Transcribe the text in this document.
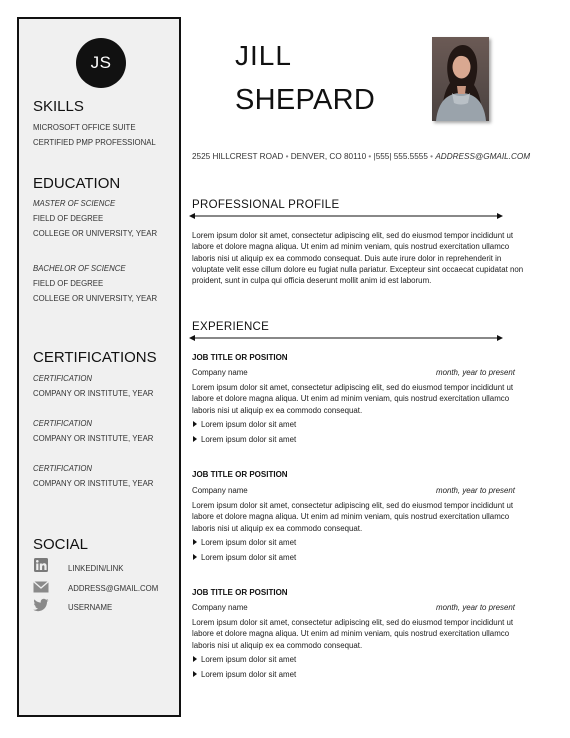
JS
SKILLS
MICROSOFT OFFICE SUITE
CERTIFIED PMP PROFESSIONAL
EDUCATION
MASTER OF SCIENCE
FIELD OF DEGREE
COLLEGE OR UNIVERSITY, YEAR
BACHELOR OF SCIENCE
FIELD OF DEGREE
COLLEGE OR UNIVERSITY, YEAR
CERTIFICATIONS
CERTIFICATION
COMPANY OR INSTITUTE, YEAR
CERTIFICATION
COMPANY OR INSTITUTE, YEAR
CERTIFICATION
COMPANY OR INSTITUTE, YEAR
SOCIAL
LINKEDIN/LINK
ADDRESS@GMAIL.COM
USERNAME
JILL
SHEPARD
2525 HILLCREST ROAD • DENVER, CO 80110 • |555| 555.5555 • ADDRESS@GMAIL.COM
PROFESSIONAL PROFILE
Lorem ipsum dolor sit amet, consectetur adipiscing elit, sed do eiusmod tempor incididunt ut labore et dolore magna aliqua. Ut enim ad minim veniam, quis nostrud exercitation ullamco laboris nisi ut aliquip ex ea commodo consequat. Duis aute irure dolor in reprehenderit in voluptate velit esse cillum dolore eu fugiat nulla pariatur. Excepteur sint occaecat cupidatat non proident, sunt in culpa qui officia deserunt mollit anim id est laborum.
EXPERIENCE
JOB TITLE OR POSITION
Company name	month, year to present
Lorem ipsum dolor sit amet, consectetur adipiscing elit, sed do eiusmod tempor incididunt ut labore et dolore magna aliqua. Ut enim ad minim veniam, quis nostrud exercitation ullamco laboris nisi ut aliquip ex ea commodo consequat.
Lorem ipsum dolor sit amet
Lorem ipsum dolor sit amet
JOB TITLE OR POSITION
Company name	month, year to present
Lorem ipsum dolor sit amet, consectetur adipiscing elit, sed do eiusmod tempor incididunt ut labore et dolore magna aliqua. Ut enim ad minim veniam, quis nostrud exercitation ullamco laboris nisi ut aliquip ex ea commodo consequat.
Lorem ipsum dolor sit amet
Lorem ipsum dolor sit amet
JOB TITLE OR POSITION
Company name	month, year to present
Lorem ipsum dolor sit amet, consectetur adipiscing elit, sed do eiusmod tempor incididunt ut labore et dolore magna aliqua. Ut enim ad minim veniam, quis nostrud exercitation ullamco laboris nisi ut aliquip ex ea commodo consequat.
Lorem ipsum dolor sit amet
Lorem ipsum dolor sit amet
